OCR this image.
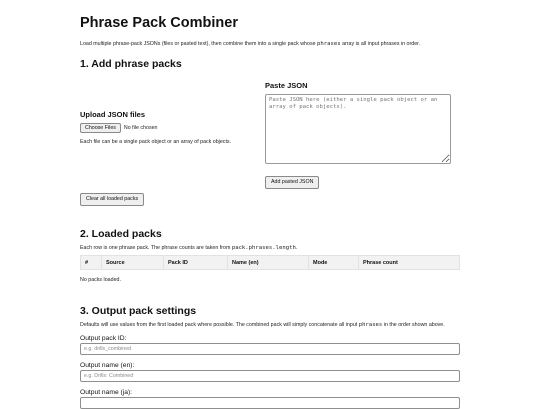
Phrase Pack Combiner
Load multiple phrase-pack JSONs (files or pasted text), then combine them into a single pack whose phrases array is all input phrases in order.
1. Add phrase packs
Upload JSON files
Choose Files	No file chosen
Each file can be a single pack object or an array of pack objects.
Clear all loaded packs
Paste JSON
Paste JSON here (either a single pack object or an array of pack objects).
Add pasted JSON
2. Loaded packs
Each row is one phrase pack. The phrase counts are taken from pack.phrases.length.
#	Source	Pack ID	Name (en)	Mode	Phrase count
No packs loaded.
3. Output pack settings
Defaults will use values from the first loaded pack where possible. The combined pack will simply concatenate all input phrases in the order shown above.
Output pack ID:
e.g. drills_combined
Output name (en):
e.g. Drills: Combined
Output name (ja):
